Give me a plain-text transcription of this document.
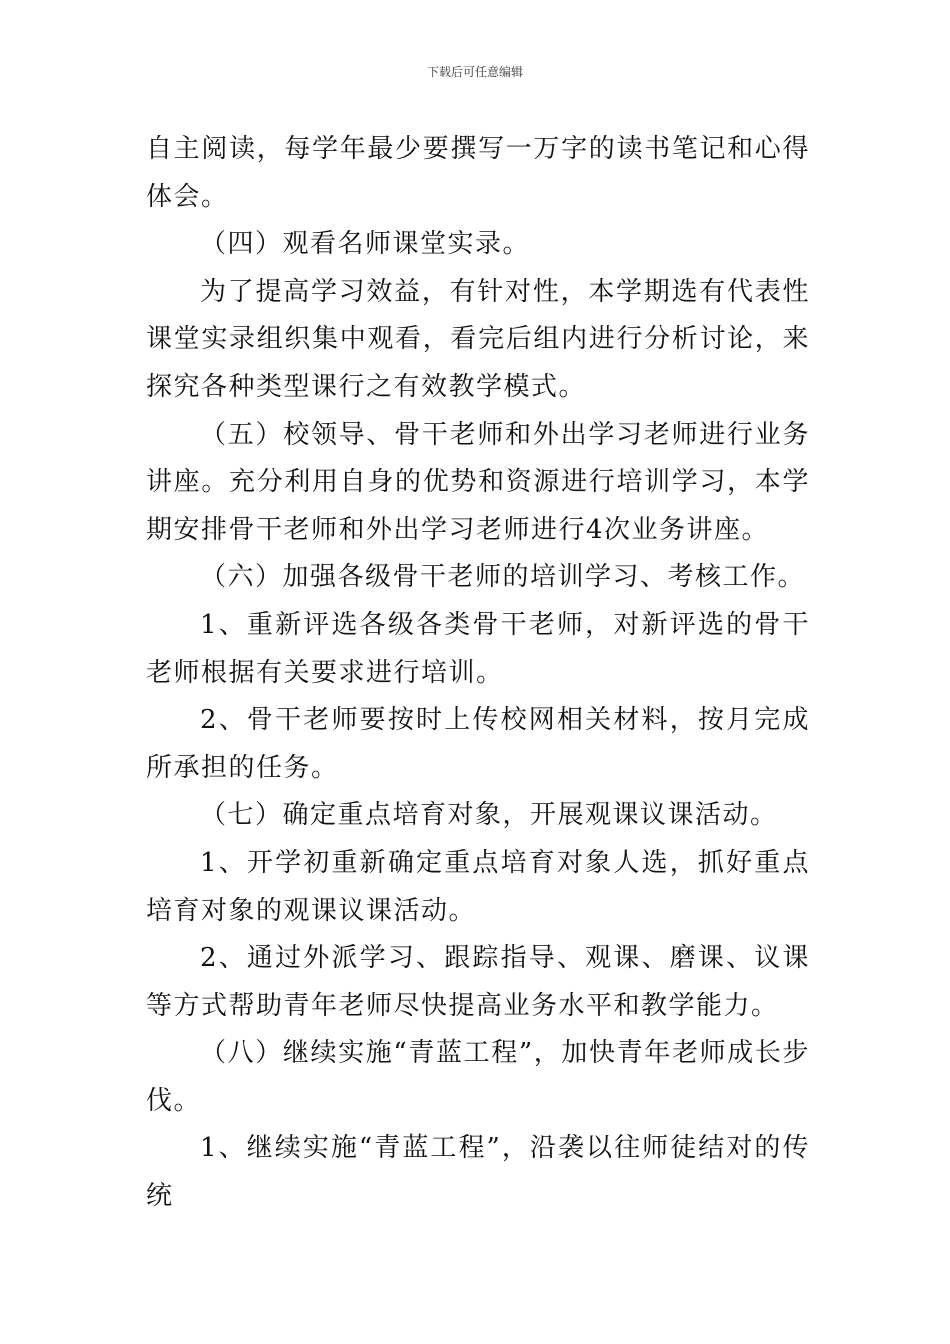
下载后可任意编辑

自主阅读，每学年最少要撰写一万字的读书笔记和心得体会。

（四）观看名师课堂实录。

为了提高学习效益，有针对性，本学期选有代表性课堂实录组织集中观看，看完后组内进行分析讨论，来探究各种类型课行之有效教学模式。

（五）校领导、骨干老师和外出学习老师进行业务讲座。充分利用自身的优势和资源进行培训学习，本学期安排骨干老师和外出学习老师进行4次业务讲座。

（六）加强各级骨干老师的培训学习、考核工作。

1、重新评选各级各类骨干老师，对新评选的骨干老师根据有关要求进行培训。

2、骨干老师要按时上传校网相关材料，按月完成所承担的任务。

（七）确定重点培育对象，开展观课议课活动。

1、开学初重新确定重点培育对象人选，抓好重点培育对象的观课议课活动。

2、通过外派学习、跟踪指导、观课、磨课、议课等方式帮助青年老师尽快提高业务水平和教学能力。

（八）继续实施“青蓝工程”，加快青年老师成长步伐。

1、继续实施“青蓝工程”，沿袭以往师徒结对的传统
